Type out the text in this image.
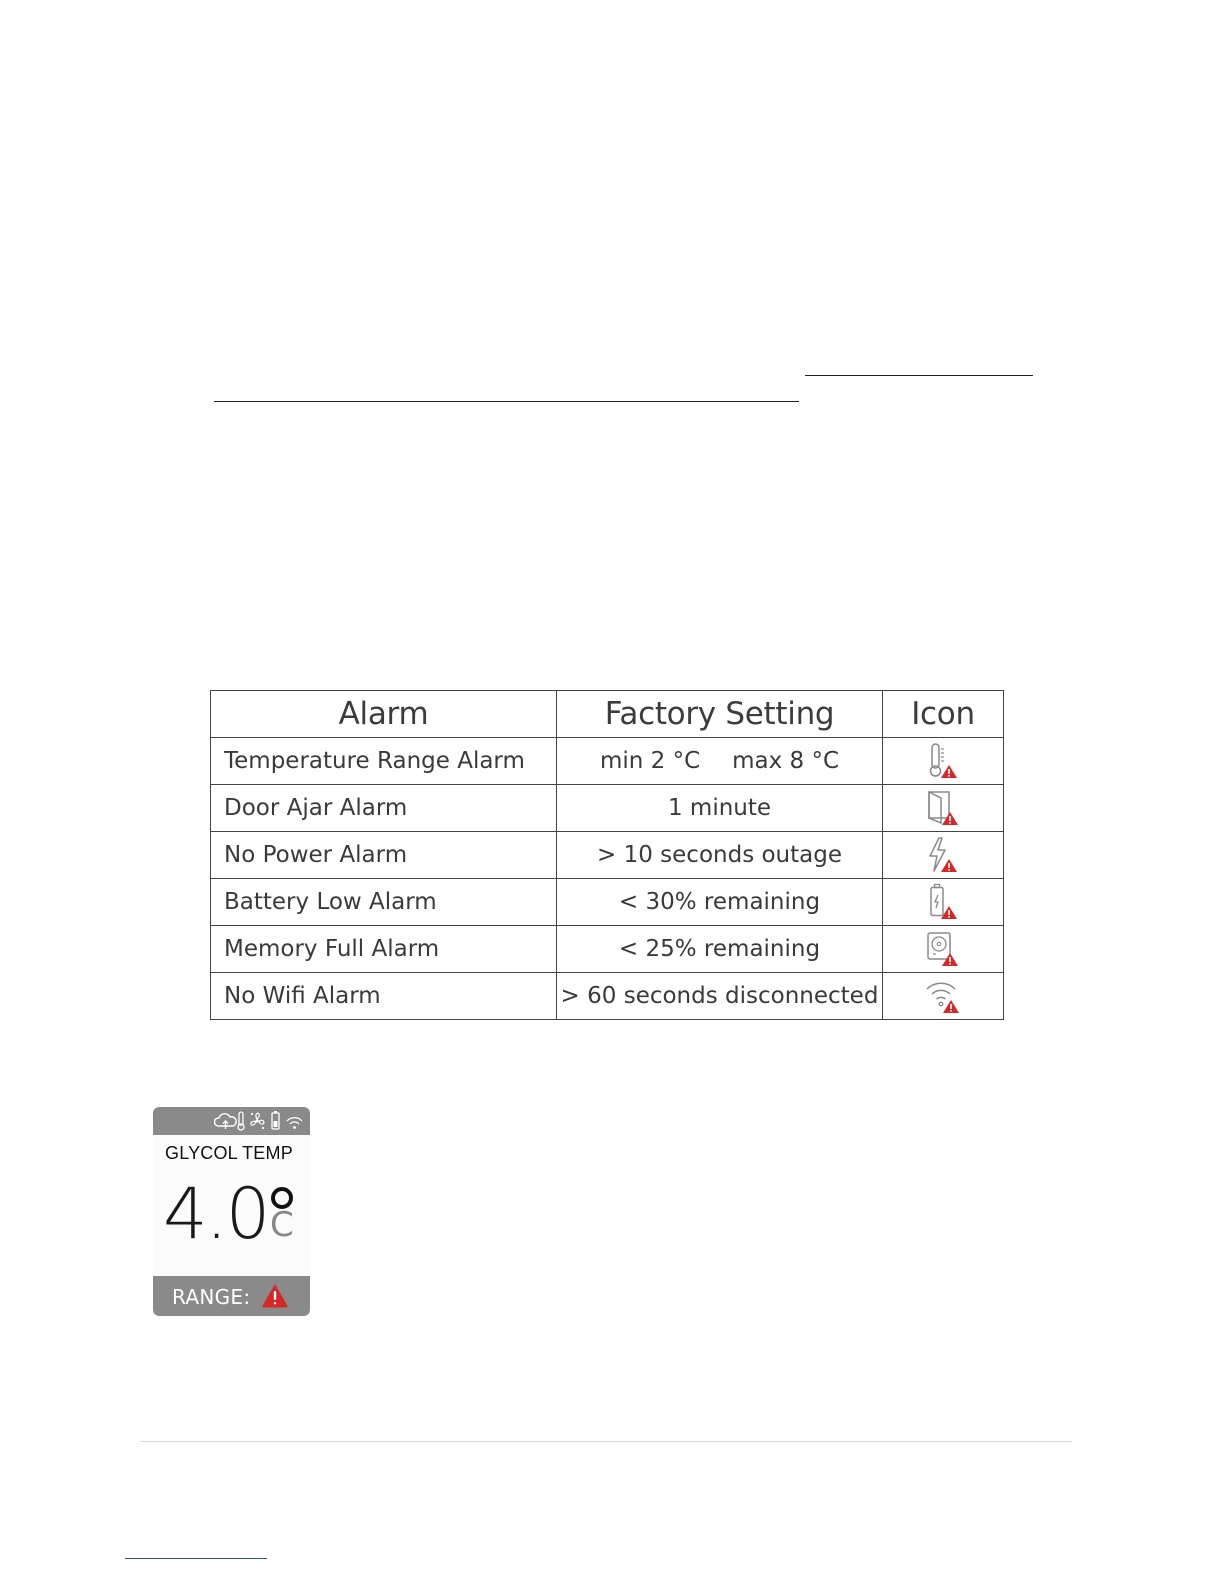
Alarm	Factory Setting	Icon
Temperature Range Alarm	min 2 °C max 8 °C	
Door Ajar Alarm	1 minute	
No Power Alarm	> 10 seconds outage	
Battery Low Alarm	< 30% remaining	
Memory Full Alarm	< 25% remaining	
No Wifi Alarm	> 60 seconds disconnected	
GLYCOL TEMP
4.0 C
RANGE:
